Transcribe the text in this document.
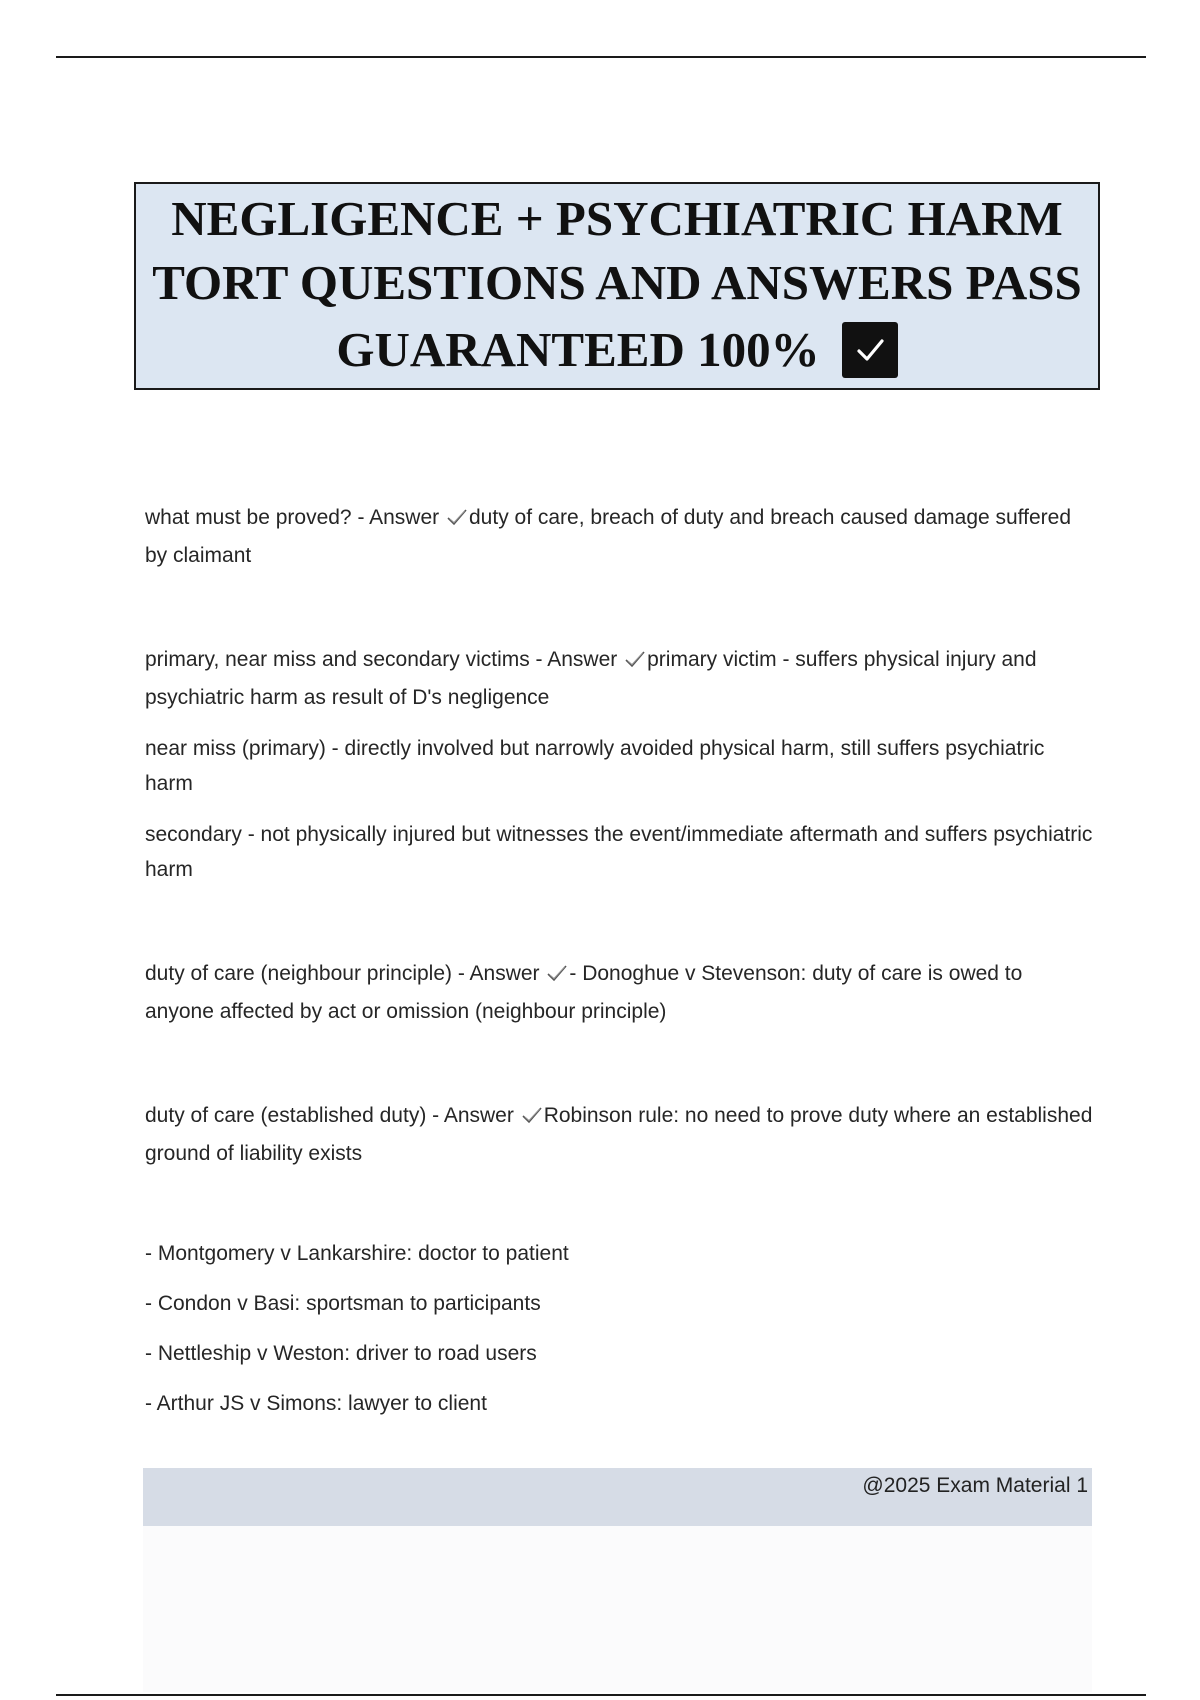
NEGLIGENCE + PSYCHIATRIC HARM
TORT QUESTIONS AND ANSWERS PASS
GUARANTEED 100%

what must be proved? - Answer duty of care, breach of duty and breach caused damage suffered by claimant

primary, near miss and secondary victims - Answer primary victim - suffers physical injury and psychiatric harm as result of D's negligence

near miss (primary) - directly involved but narrowly avoided physical harm, still suffers psychiatric harm

secondary - not physically injured but witnesses the event/immediate aftermath and suffers psychiatric harm

duty of care (neighbour principle) - Answer - Donoghue v Stevenson: duty of care is owed to anyone affected by act or omission (neighbour principle)

duty of care (established duty) - Answer Robinson rule: no need to prove duty where an established ground of liability exists

- Montgomery v Lankarshire: doctor to patient

- Condon v Basi: sportsman to participants

- Nettleship v Weston: driver to road users

- Arthur JS v Simons: lawyer to client

@2025 Exam Material 1
